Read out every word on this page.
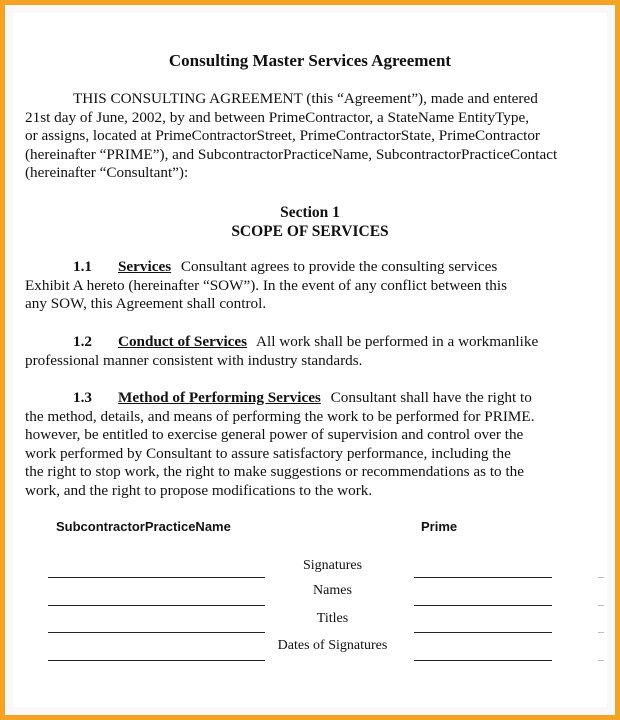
Consulting Master Services Agreement
THIS CONSULTING AGREEMENT (this “Agreement”), made and entered
21st day of June, 2002, by and between PrimeContractor, a StateName EntityType,
or assigns, located at PrimeContractorStreet, PrimeContractorState, PrimeContractor
(hereinafter “PRIME”), and SubcontractorPracticeName, SubcontractorPracticeContact
(hereinafter “Consultant”):
Section 1
SCOPE OF SERVICES
1.1 Services Consultant agrees to provide the consulting services
Exhibit A hereto (hereinafter “SOW”). In the event of any conflict between this
any SOW, this Agreement shall control.
1.2 Conduct of Services All work shall be performed in a workmanlike
professional manner consistent with industry standards.
1.3 Method of Performing Services Consultant shall have the right to
the method, details, and means of performing the work to be performed for PRIME.
however, be entitled to exercise general power of supervision and control over the
work performed by Consultant to assure satisfactory performance, including the
the right to stop work, the right to make suggestions or recommendations as to the
work, and the right to propose modifications to the work.
SubcontractorPracticeName	Prime
Signatures
Names
Titles
Dates of Signatures
